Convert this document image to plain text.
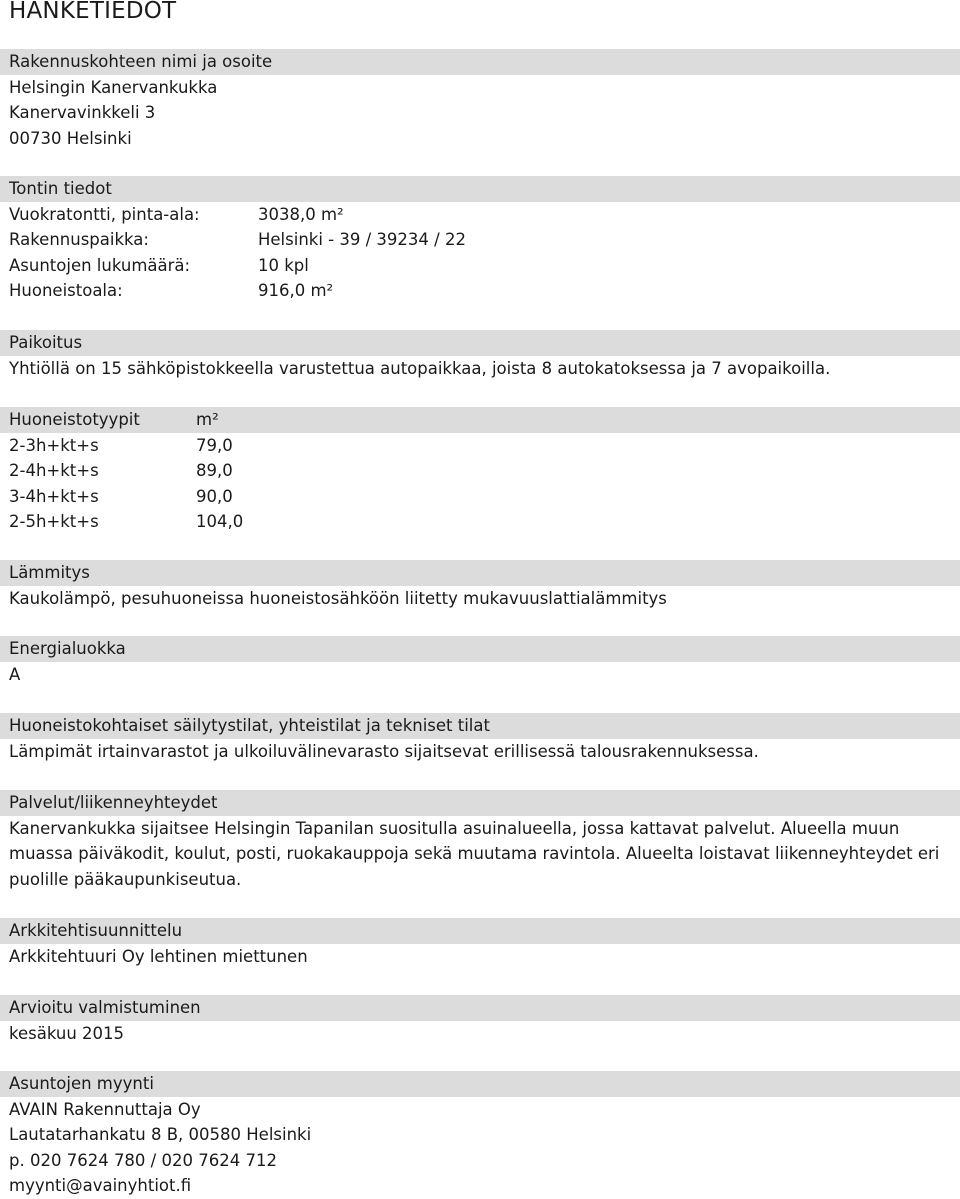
HANKETIEDOT
Rakennuskohteen nimi ja osoite
Helsingin Kanervankukka
Kanervavinkkeli 3
00730 Helsinki
Tontin tiedot
Vuokratontti, pinta-ala:	3038,0 m²
Rakennuspaikka:	Helsinki - 39 / 39234 / 22
Asuntojen lukumäärä:	10 kpl
Huoneistoala:	916,0 m²
Paikoitus
Yhtiöllä on 15 sähköpistokkeella varustettua autopaikkaa, joista 8 autokatoksessa ja 7 avopaikoilla.
Huoneistotyypit	m²
2-3h+kt+s	79,0
2-4h+kt+s	89,0
3-4h+kt+s	90,0
2-5h+kt+s	104,0
Lämmitys
Kaukolämpö, pesuhuoneissa huoneistosähköön liitetty mukavuuslattialämmitys
Energialuokka
A
Huoneistokohtaiset säilytystilat, yhteistilat ja tekniset tilat
Lämpimät irtainvarastot ja ulkoiluvälinevarasto sijaitsevat erillisessä talousrakennuksessa.
Palvelut/liikenneyhteydet
Kanervankukka sijaitsee Helsingin Tapanilan suositulla asuinalueella, jossa kattavat palvelut. Alueella muun muassa päiväkodit, koulut, posti, ruokakauppoja sekä muutama ravintola. Alueelta loistavat liikenneyhteydet eri puolille pääkaupunkiseutua.
Arkkitehtisuunnittelu
Arkkitehtuuri Oy lehtinen miettunen
Arvioitu valmistuminen
kesäkuu 2015
Asuntojen myynti
AVAIN Rakennuttaja Oy
Lautatarhankatu 8 B, 00580 Helsinki
p. 020 7624 780 / 020 7624 712
myynti@avainyhtiot.fi
